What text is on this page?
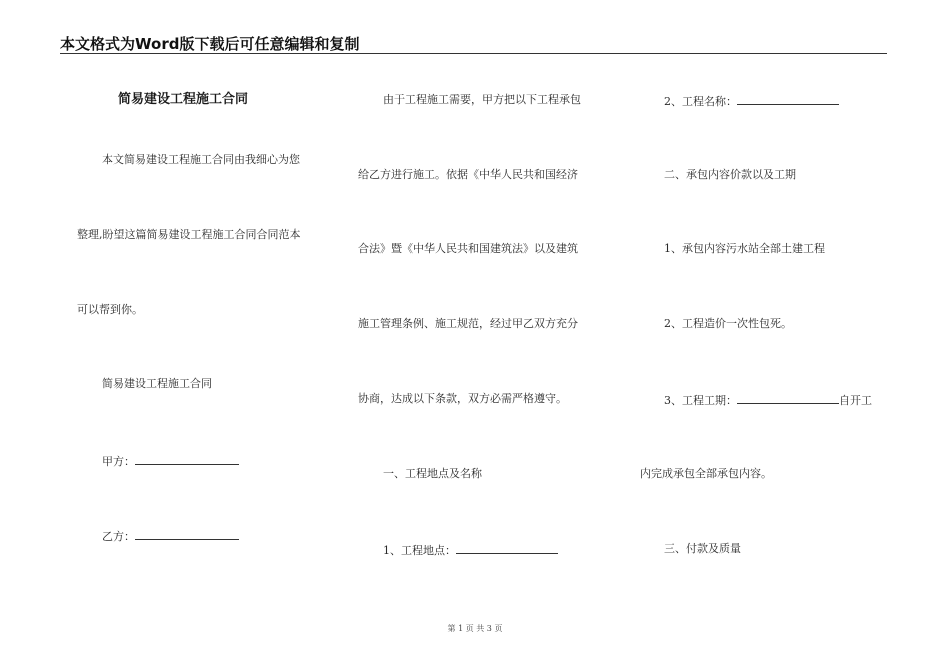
本文格式为Word版下载后可任意编辑和复制
简易建设工程施工合同
本文简易建设工程施工合同由我细心为您
整理,盼望这篇简易建设工程施工合同合同范本
可以帮到你。
简易建设工程施工合同
甲方：
乙方：
由于工程施工需要，甲方把以下工程承包
给乙方进行施工。依据《中华人民共和国经济
合法》暨《中华人民共和国建筑法》以及建筑
施工管理条例、施工规范，经过甲乙双方充分
协商，达成以下条款，双方必需严格遵守。
一、工程地点及名称
1、工程地点：
2、工程名称：
二、承包内容价款以及工期
1、承包内容污水站全部土建工程
2、工程造价一次性包死。
3、工程工期：	自开工
内完成承包全部承包内容。
三、付款及质量
第 1 页 共 3 页
